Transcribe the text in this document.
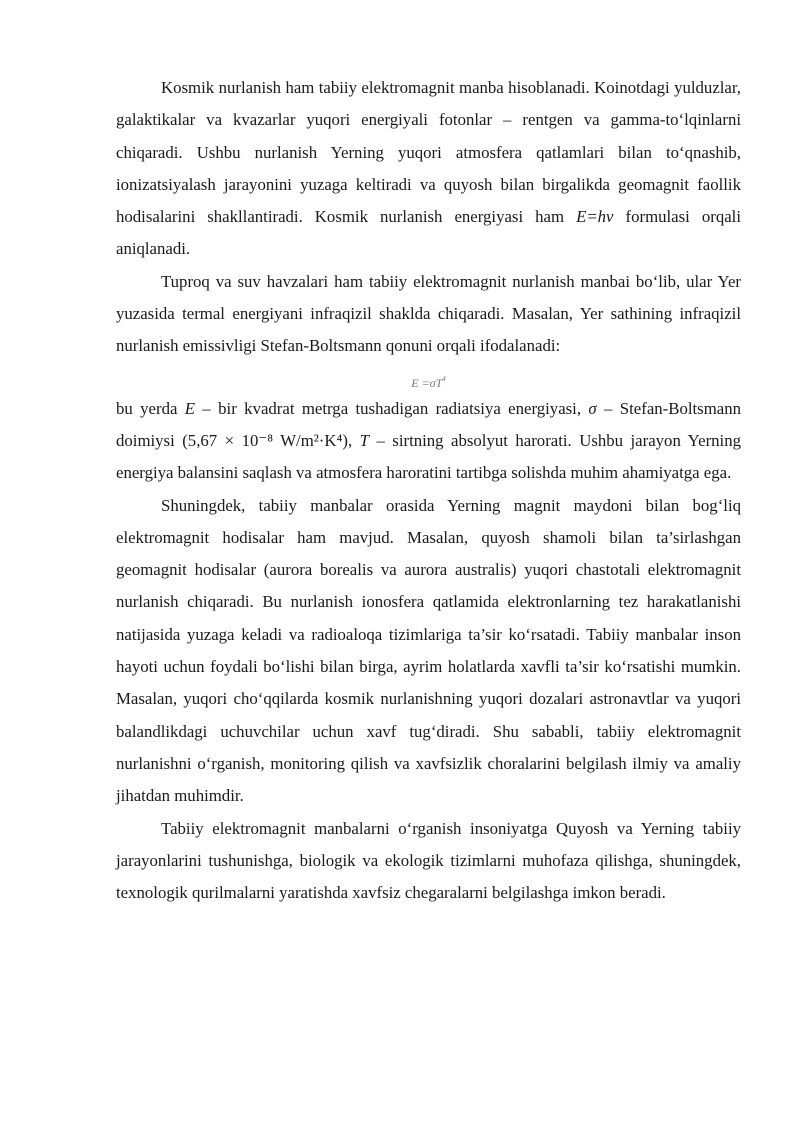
Kosmik nurlanish ham tabiiy elektromagnit manba hisoblanadi. Koinotdagi yulduzlar, galaktikalar va kvazarlar yuqori energiyali fotonlar – rentgen va gamma-to‘lqinlarni chiqaradi. Ushbu nurlanish Yerning yuqori atmosfera qatlamlari bilan to‘qnashib, ionizatsiyalash jarayonini yuzaga keltiradi va quyosh bilan birgalikda geomagnit faollik hodisalarini shakllantiradi. Kosmik nurlanish energiyasi ham E=hv formulasi orqali aniqlanadi.

Tuproq va suv havzalari ham tabiiy elektromagnit nurlanish manbai bo‘lib, ular Yer yuzasida termal energiyani infraqizil shaklda chiqaradi. Masalan, Yer sathining infraqizil nurlanish emissivligi Stefan-Boltsmann qonuni orqali ifodalanadi:

$E =\sigma T^4$

bu yerda E – bir kvadrat metrga tushadigan radiatsiya energiyasi, σ – Stefan-Boltsmann doimiysi (5,67 × 10⁻⁸ W/m²·K⁴), T – sirtning absolyut harorati. Ushbu jarayon Yerning energiya balansini saqlash va atmosfera haroratini tartibga solishda muhim ahamiyatga ega.

Shuningdek, tabiiy manbalar orasida Yerning magnit maydoni bilan bog‘liq elektromagnit hodisalar ham mavjud. Masalan, quyosh shamoli bilan ta’sirlashgan geomagnit hodisalar (aurora borealis va aurora australis) yuqori chastotali elektromagnit nurlanish chiqaradi. Bu nurlanish ionosfera qatlamida elektronlarning tez harakatlanishi natijasida yuzaga keladi va radioaloqa tizimlariga ta’sir ko‘rsatadi. Tabiiy manbalar inson hayoti uchun foydali bo‘lishi bilan birga, ayrim holatlarda xavfli ta’sir ko‘rsatishi mumkin. Masalan, yuqori cho‘qqilarda kosmik nurlanishning yuqori dozalari astronavtlar va yuqori balandlikdagi uchuvchilar uchun xavf tug‘diradi. Shu sababli, tabiiy elektromagnit nurlanishni o‘rganish, monitoring qilish va xavfsizlik choralarini belgilash ilmiy va amaliy jihatdan muhimdir.

Tabiiy elektromagnit manbalarni o‘rganish insoniyatga Quyosh va Yerning tabiiy jarayonlarini tushunishga, biologik va ekologik tizimlarni muhofaza qilishga, shuningdek, texnologik qurilmalarni yaratishda xavfsiz chegaralarni belgilashga imkon beradi.
